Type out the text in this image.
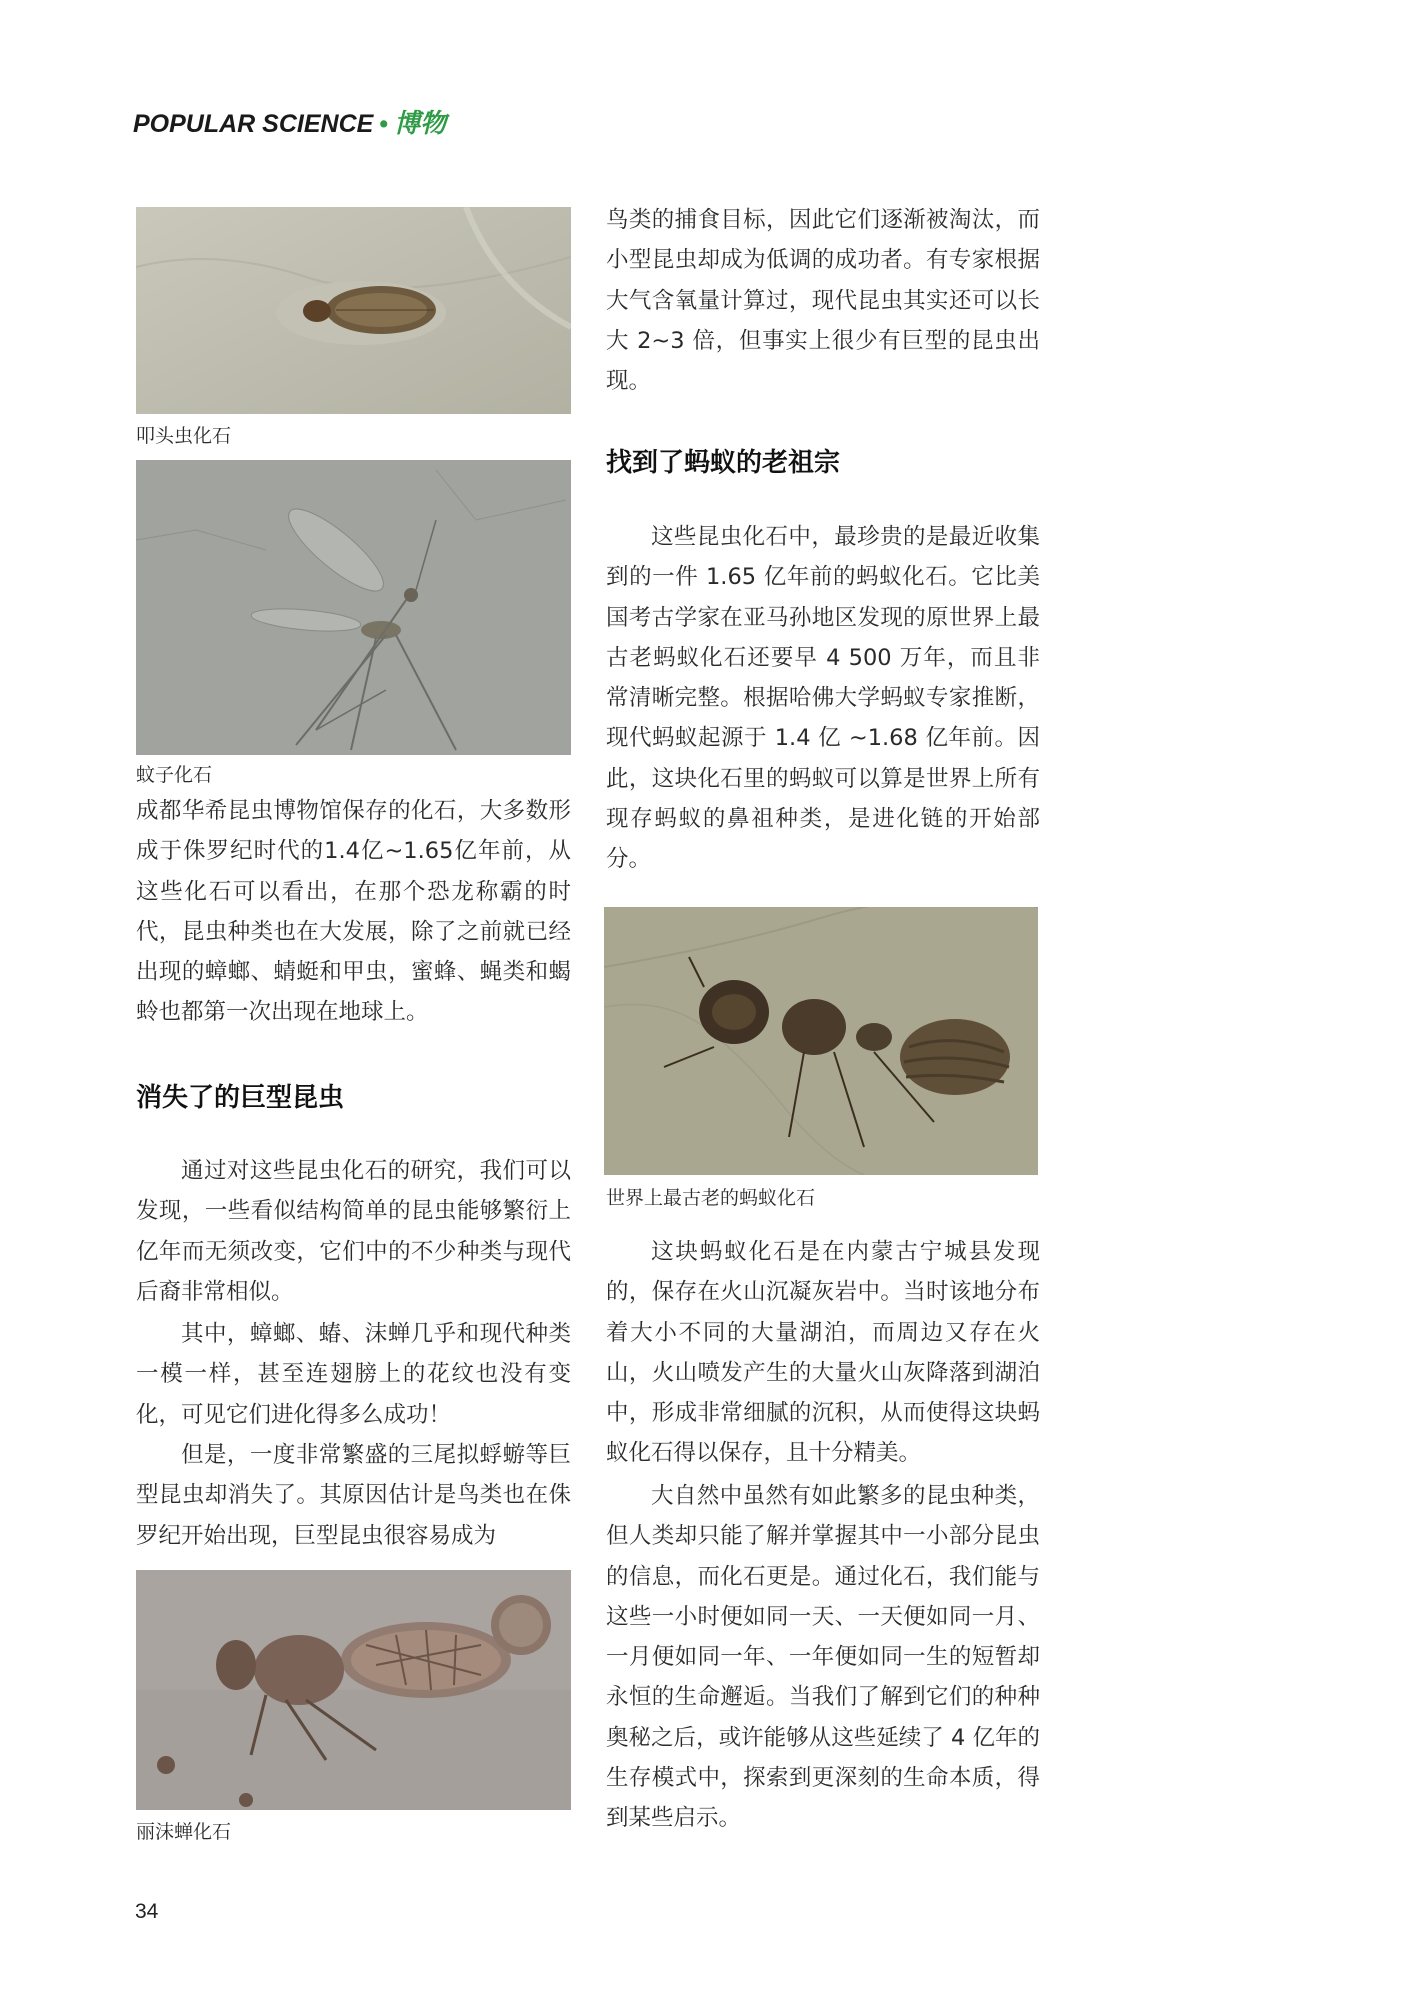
POPULAR SCIENCE • 博物
叩头虫化石
蚊子化石

成都华希昆虫博物馆保存的化石，大多数形成于侏罗纪时代的1.4亿~1.65亿年前，从这些化石可以看出，在那个恐龙称霸的时代，昆虫种类也在大发展，除了之前就已经出现的蟑螂、蜻蜓和甲虫，蜜蜂、蝇类和蝎蛉也都第一次出现在地球上。

消失了的巨型昆虫

通过对这些昆虫化石的研究，我们可以发现，一些看似结构简单的昆虫能够繁衍上亿年而无须改变，它们中的不少种类与现代后裔非常相似。

其中，蟑螂、蝽、沫蝉几乎和现代种类一模一样，甚至连翅膀上的花纹也没有变化，可见它们进化得多么成功！

但是，一度非常繁盛的三尾拟蜉蝣等巨型昆虫却消失了。其原因估计是鸟类也在侏罗纪开始出现，巨型昆虫很容易成为

丽沫蝉化石

鸟类的捕食目标，因此它们逐渐被淘汰，而小型昆虫却成为低调的成功者。有专家根据大气含氧量计算过，现代昆虫其实还可以长大 2~3 倍，但事实上很少有巨型的昆虫出现。

找到了蚂蚁的老祖宗

这些昆虫化石中，最珍贵的是最近收集到的一件 1.65 亿年前的蚂蚁化石。它比美国考古学家在亚马孙地区发现的原世界上最古老蚂蚁化石还要早 4 500 万年，而且非常清晰完整。根据哈佛大学蚂蚁专家推断，现代蚂蚁起源于 1.4 亿 ~1.68 亿年前。因此，这块化石里的蚂蚁可以算是世界上所有现存蚂蚁的鼻祖种类，是进化链的开始部分。

世界上最古老的蚂蚁化石

这块蚂蚁化石是在内蒙古宁城县发现的，保存在火山沉凝灰岩中。当时该地分布着大小不同的大量湖泊，而周边又存在火山，火山喷发产生的大量火山灰降落到湖泊中，形成非常细腻的沉积，从而使得这块蚂蚁化石得以保存，且十分精美。

大自然中虽然有如此繁多的昆虫种类，但人类却只能了解并掌握其中一小部分昆虫的信息，而化石更是。通过化石，我们能与这些一小时便如同一天、一天便如同一月、一月便如同一年、一年便如同一生的短暂却永恒的生命邂逅。当我们了解到它们的种种奥秘之后，或许能够从这些延续了 4 亿年的生存模式中，探索到更深刻的生命本质，得到某些启示。

34
